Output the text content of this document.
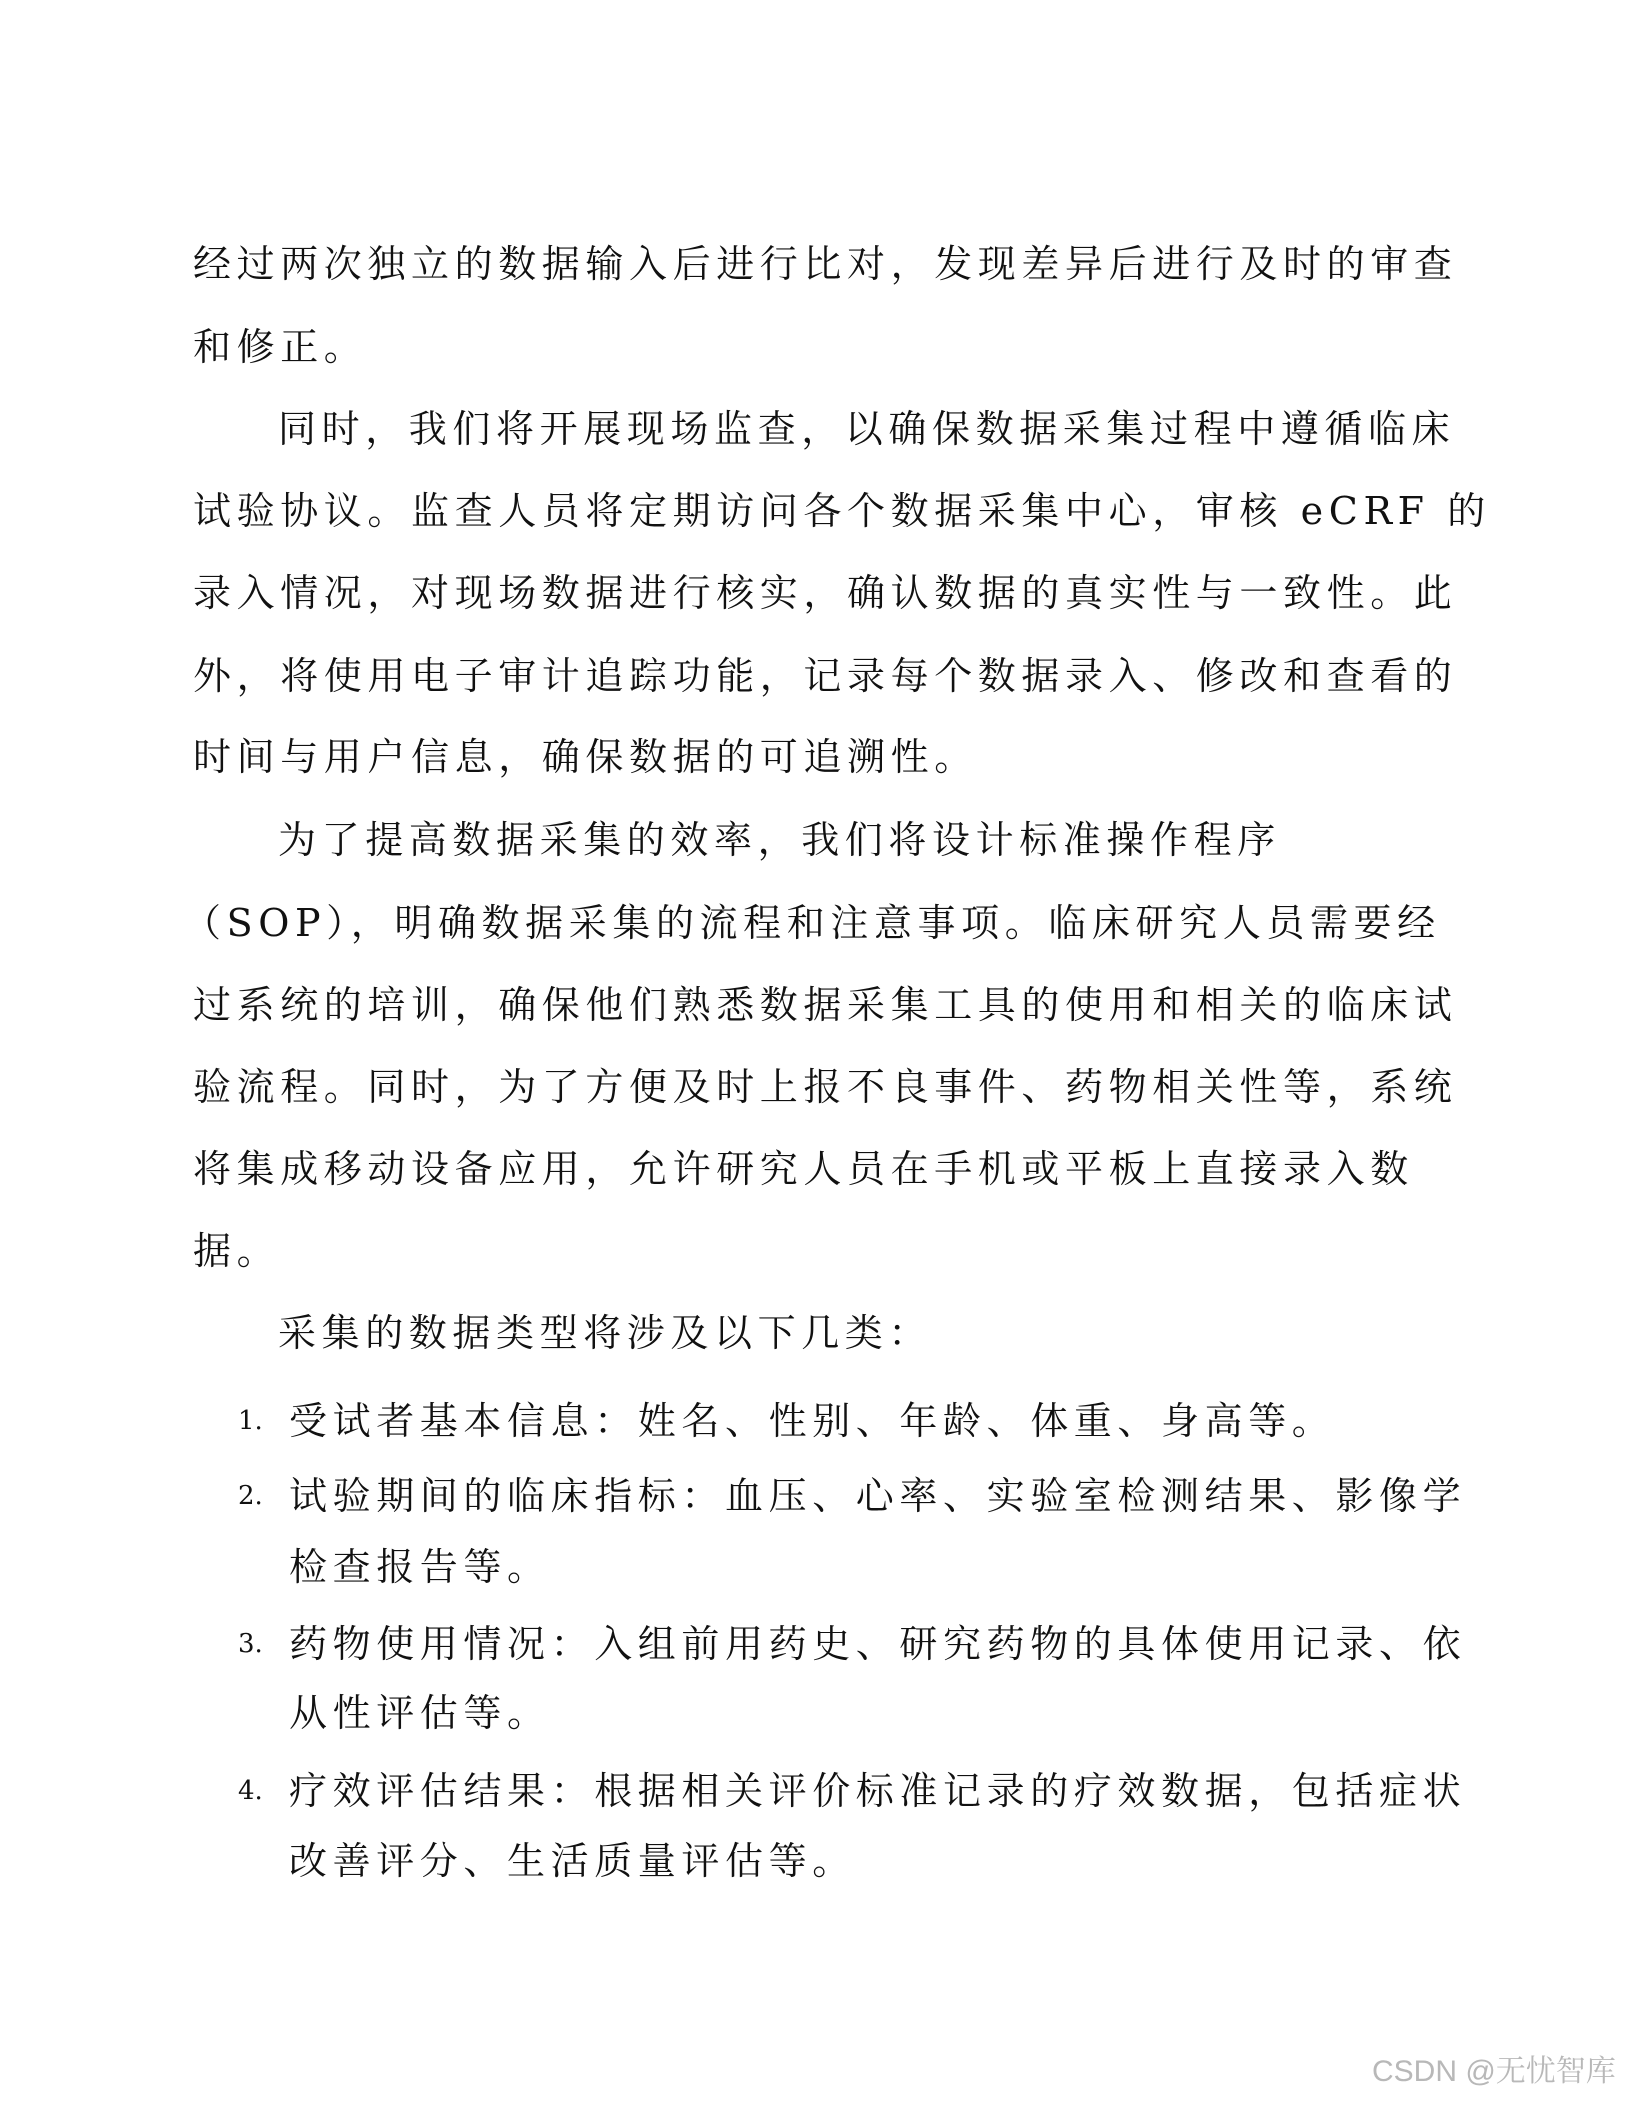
经过两次独立的数据输入后进行比对，发现差异后进行及时的审查
和修正。
同时，我们将开展现场监查，以确保数据采集过程中遵循临床
试验协议。监查人员将定期访问各个数据采集中心，审核 eCRF 的
录入情况，对现场数据进行核实，确认数据的真实性与一致性。此
外，将使用电子审计追踪功能，记录每个数据录入、修改和查看的
时间与用户信息，确保数据的可追溯性。
为了提高数据采集的效率，我们将设计标准操作程序
（SOP），明确数据采集的流程和注意事项。临床研究人员需要经
过系统的培训，确保他们熟悉数据采集工具的使用和相关的临床试
验流程。同时，为了方便及时上报不良事件、药物相关性等，系统
将集成移动设备应用，允许研究人员在手机或平板上直接录入数
据。
采集的数据类型将涉及以下几类：
1. 受试者基本信息：姓名、性别、年龄、体重、身高等。
2. 试验期间的临床指标：血压、心率、实验室检测结果、影像学
检查报告等。
3. 药物使用情况：入组前用药史、研究药物的具体使用记录、依
从性评估等。
4. 疗效评估结果：根据相关评价标准记录的疗效数据，包括症状
改善评分、生活质量评估等。
CSDN @无忧智库
